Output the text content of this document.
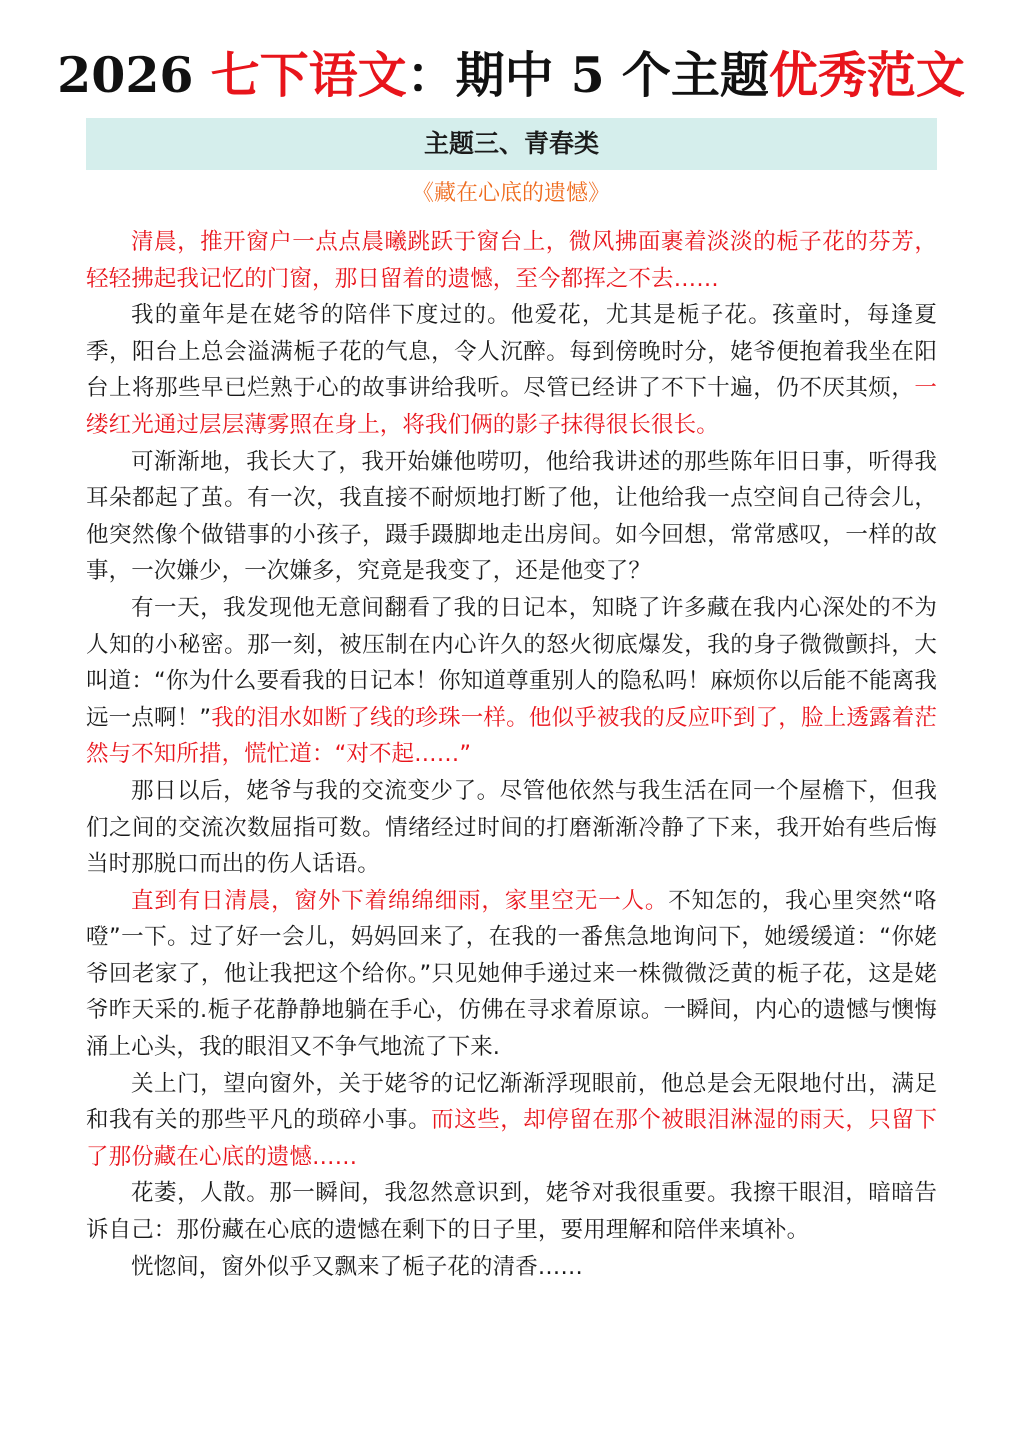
2026 七下语文：期中 5 个主题优秀范文
主题三、青春类
《藏在心底的遗憾》

清晨，推开窗户一点点晨曦跳跃于窗台上，微风拂面裹着淡淡的栀子花的芬芳，轻轻拂起我记忆的门窗，那日留着的遗憾，至今都挥之不去……

我的童年是在姥爷的陪伴下度过的。他爱花，尤其是栀子花。孩童时，每逢夏季，阳台上总会溢满栀子花的气息，令人沉醉。每到傍晚时分，姥爷便抱着我坐在阳台上将那些早已烂熟于心的故事讲给我听。尽管已经讲了不下十遍，仍不厌其烦，一缕红光通过层层薄雾照在身上，将我们俩的影子抹得很长很长。

可渐渐地，我长大了，我开始嫌他唠叨，他给我讲述的那些陈年旧日事，听得我耳朵都起了茧。有一次，我直接不耐烦地打断了他，让他给我一点空间自己待会儿，他突然像个做错事的小孩子，蹑手蹑脚地走出房间。如今回想，常常感叹，一样的故事，一次嫌少，一次嫌多，究竟是我变了，还是他变了？

有一天，我发现他无意间翻看了我的日记本，知晓了许多藏在我内心深处的不为人知的小秘密。那一刻，被压制在内心许久的怒火彻底爆发，我的身子微微颤抖，大叫道：“你为什么要看我的日记本！你知道尊重别人的隐私吗！麻烦你以后能不能离我远一点啊！”我的泪水如断了线的珍珠一样。他似乎被我的反应吓到了，脸上透露着茫然与不知所措，慌忙道：“对不起……”

那日以后，姥爷与我的交流变少了。尽管他依然与我生活在同一个屋檐下，但我们之间的交流次数屈指可数。情绪经过时间的打磨渐渐冷静了下来，我开始有些后悔当时那脱口而出的伤人话语。

直到有日清晨，窗外下着绵绵细雨，家里空无一人。不知怎的，我心里突然“咯噔”一下。过了好一会儿，妈妈回来了，在我的一番焦急地询问下，她缓缓道：“你姥爷回老家了，他让我把这个给你。”只见她伸手递过来一株微微泛黄的栀子花，这是姥爷昨天采的.栀子花静静地躺在手心，仿佛在寻求着原谅。一瞬间，内心的遗憾与懊悔涌上心头，我的眼泪又不争气地流了下来.

关上门，望向窗外，关于姥爷的记忆渐渐浮现眼前，他总是会无限地付出，满足和我有关的那些平凡的琐碎小事。而这些，却停留在那个被眼泪淋湿的雨天，只留下了那份藏在心底的遗憾……

花萎，人散。那一瞬间，我忽然意识到，姥爷对我很重要。我擦干眼泪，暗暗告诉自己：那份藏在心底的遗憾在剩下的日子里，要用理解和陪伴来填补。

恍惚间，窗外似乎又飘来了栀子花的清香……
